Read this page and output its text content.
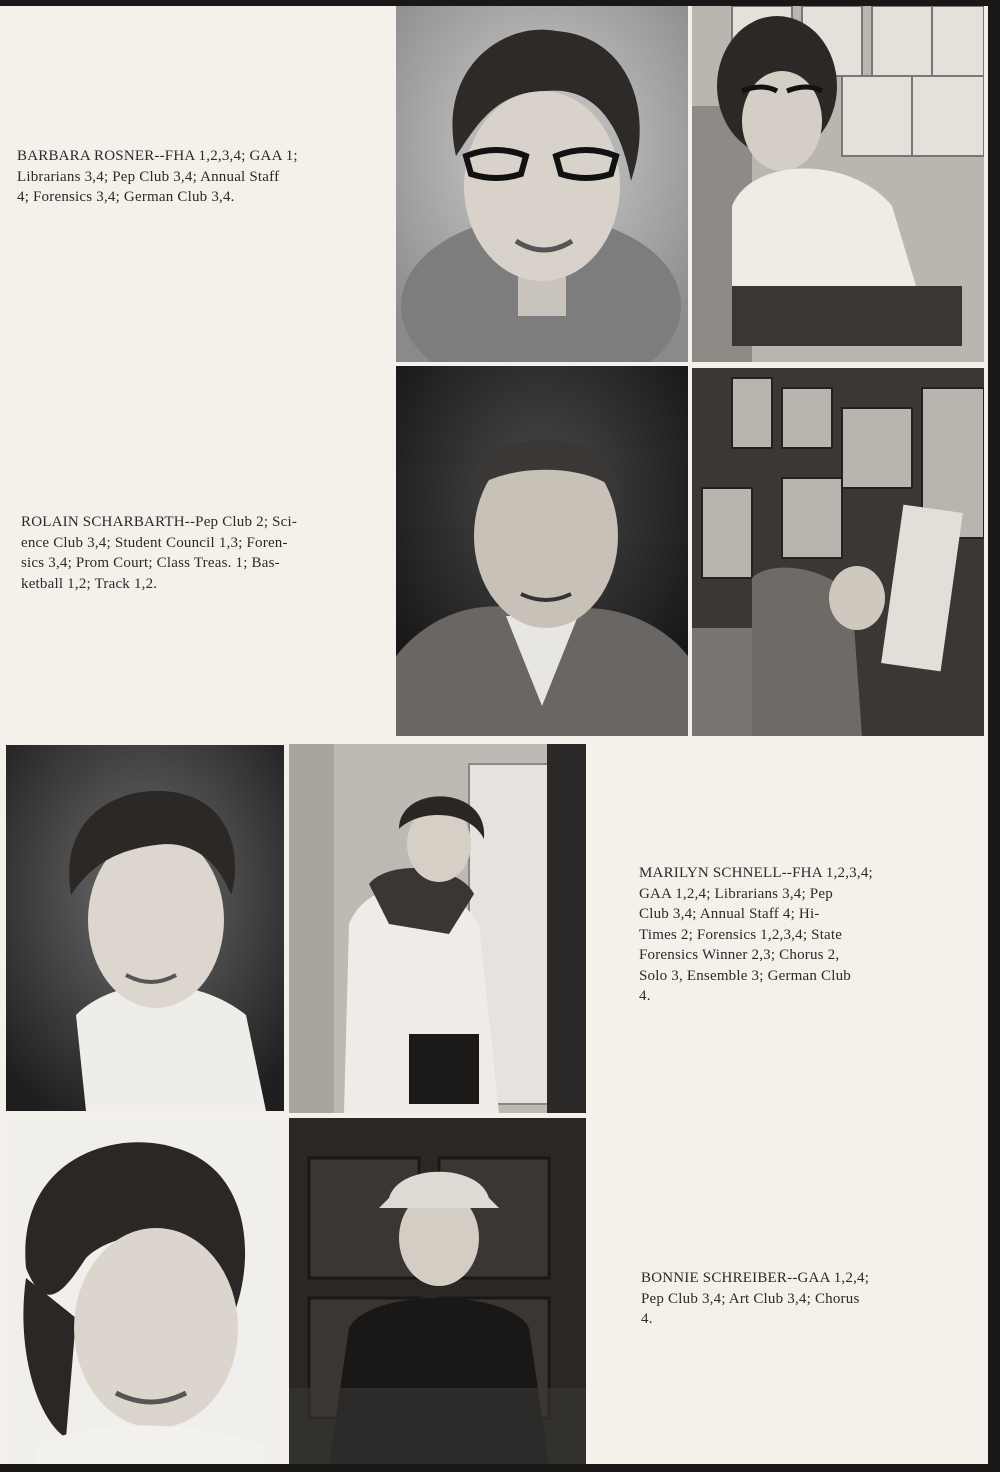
BARBARA ROSNER--FHA 1,2,3,4; GAA 1;
Librarians 3,4; Pep Club 3,4; Annual Staff
4; Forensics 3,4; German Club 3,4.

ROLAIN SCHARBARTH--Pep Club 2; Sci-
ence Club 3,4; Student Council 1,3; Foren-
sics 3,4; Prom Court; Class Treas. 1; Bas-
ketball 1,2; Track 1,2.

MARILYN SCHNELL--FHA 1,2,3,4;
GAA 1,2,4; Librarians 3,4; Pep
Club 3,4; Annual Staff 4; Hi-
Times 2; Forensics 1,2,3,4; State
Forensics Winner 2,3; Chorus 2,
Solo 3, Ensemble 3; German Club
4.

BONNIE SCHREIBER--GAA 1,2,4;
Pep Club 3,4; Art Club 3,4; Chorus
4.
